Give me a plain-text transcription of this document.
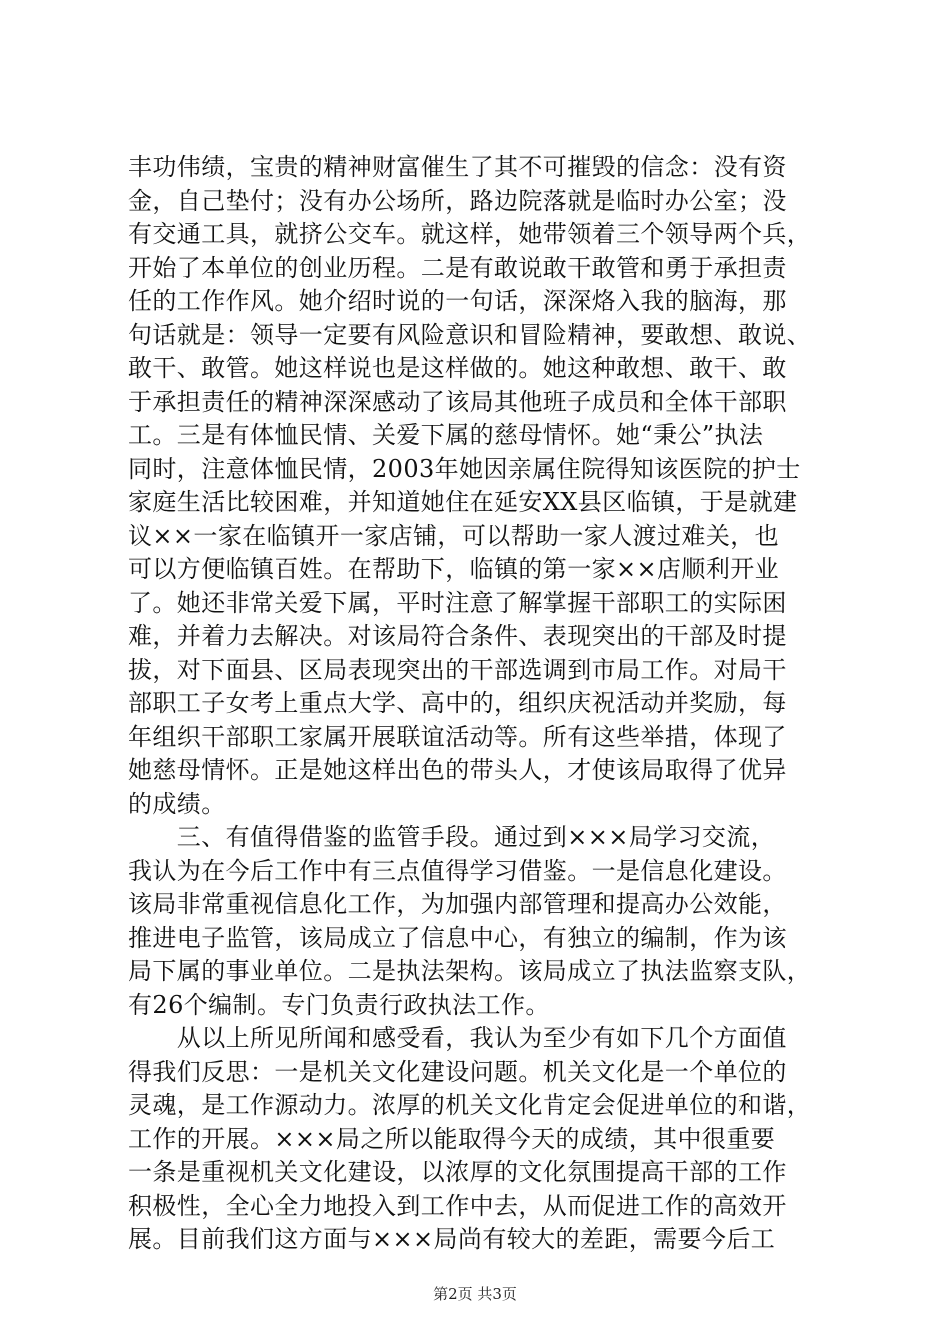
丰功伟绩，宝贵的精神财富催生了其不可摧毁的信念：没有资
金，自己垫付；没有办公场所，路边院落就是临时办公室；没
有交通工具，就挤公交车。就这样，她带领着三个领导两个兵，
开始了本单位的创业历程。二是有敢说敢干敢管和勇于承担责
任的工作作风。她介绍时说的一句话，深深烙入我的脑海，那
句话就是：领导一定要有风险意识和冒险精神，要敢想、敢说、
敢干、敢管。她这样说也是这样做的。她这种敢想、敢干、敢
于承担责任的精神深深感动了该局其他班子成员和全体干部职
工。三是有体恤民情、关爱下属的慈母情怀。她“秉公”执法
同时，注意体恤民情，2003年她因亲属住院得知该医院的护士
家庭生活比较困难，并知道她住在延安XX县区临镇，于是就建
议××一家在临镇开一家店铺，可以帮助一家人渡过难关，也
可以方便临镇百姓。在帮助下，临镇的第一家××店顺利开业
了。她还非常关爱下属，平时注意了解掌握干部职工的实际困
难，并着力去解决。对该局符合条件、表现突出的干部及时提
拔，对下面县、区局表现突出的干部选调到市局工作。对局干
部职工子女考上重点大学、高中的，组织庆祝活动并奖励，每
年组织干部职工家属开展联谊活动等。所有这些举措，体现了
她慈母情怀。正是她这样出色的带头人，才使该局取得了优异
的成绩。
　　三、有值得借鉴的监管手段。通过到×××局学习交流，
我认为在今后工作中有三点值得学习借鉴。一是信息化建设。
该局非常重视信息化工作，为加强内部管理和提高办公效能，
推进电子监管，该局成立了信息中心，有独立的编制，作为该
局下属的事业单位。二是执法架构。该局成立了执法监察支队，
有26个编制。专门负责行政执法工作。
　　从以上所见所闻和感受看，我认为至少有如下几个方面值
得我们反思：一是机关文化建设问题。机关文化是一个单位的
灵魂，是工作源动力。浓厚的机关文化肯定会促进单位的和谐，
工作的开展。×××局之所以能取得今天的成绩，其中很重要
一条是重视机关文化建设，以浓厚的文化氛围提高干部的工作
积极性，全心全力地投入到工作中去，从而促进工作的高效开
展。目前我们这方面与×××局尚有较大的差距，需要今后工
第2页 共3页
